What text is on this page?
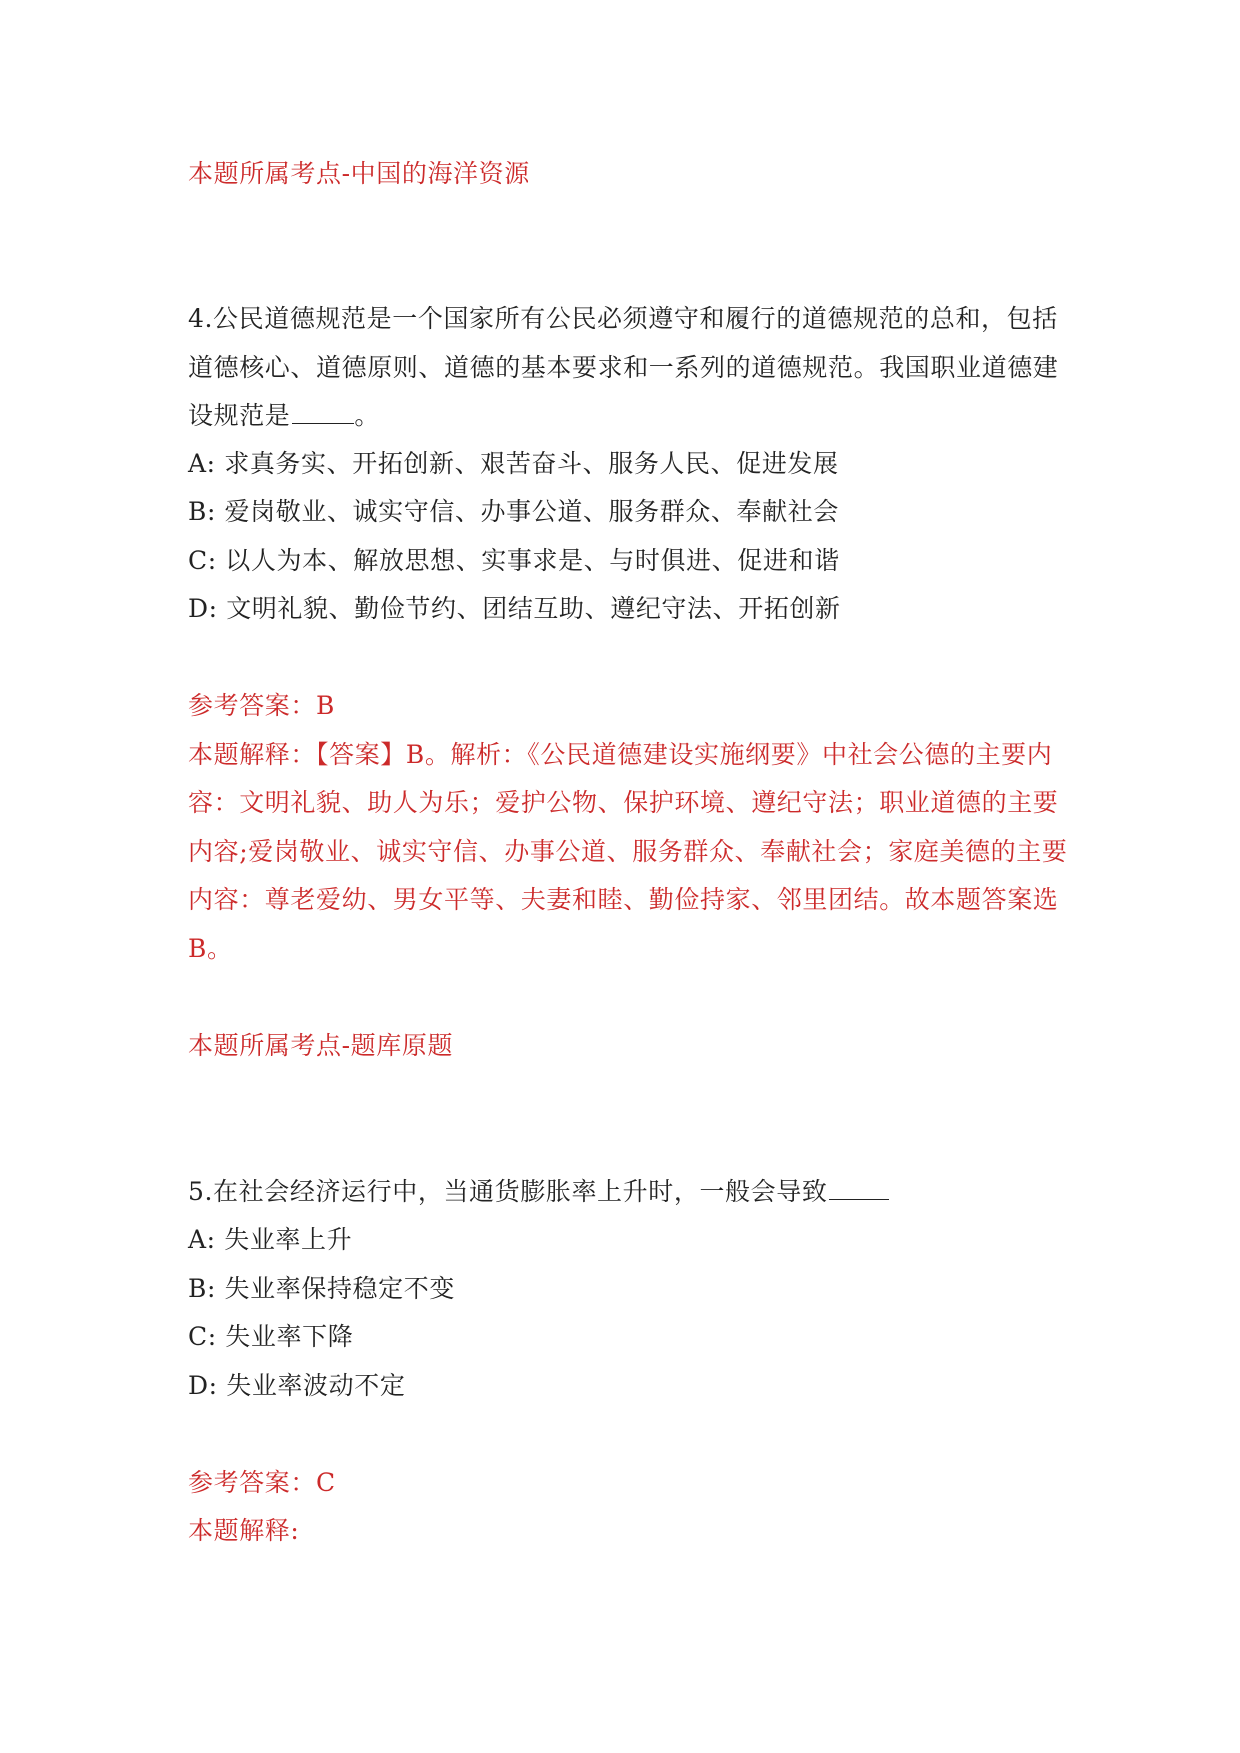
本题所属考点-中国的海洋资源
4.公民道德规范是一个国家所有公民必须遵守和履行的道德规范的总和，包括
道德核心、道德原则、道德的基本要求和一系列的道德规范。我国职业道德建
设规范是	。
A: 求真务实、开拓创新、艰苦奋斗、服务人民、促进发展
B: 爱岗敬业、诚实守信、办事公道、服务群众、奉献社会
C: 以人为本、解放思想、实事求是、与时俱进、促进和谐
D: 文明礼貌、勤俭节约、团结互助、遵纪守法、开拓创新
参考答案：B
本题解释：【答案】B。解析：《公民道德建设实施纲要》中社会公德的主要内
容：文明礼貌、助人为乐；爱护公物、保护环境、遵纪守法；职业道德的主要
内容;爱岗敬业、诚实守信、办事公道、服务群众、奉献社会；家庭美德的主要
内容：尊老爱幼、男女平等、夫妻和睦、勤俭持家、邻里团结。故本题答案选
B。
本题所属考点-题库原题
5.在社会经济运行中，当通货膨胀率上升时，一般会导致
A: 失业率上升
B: 失业率保持稳定不变
C: 失业率下降
D: 失业率波动不定
参考答案：C
本题解释:
